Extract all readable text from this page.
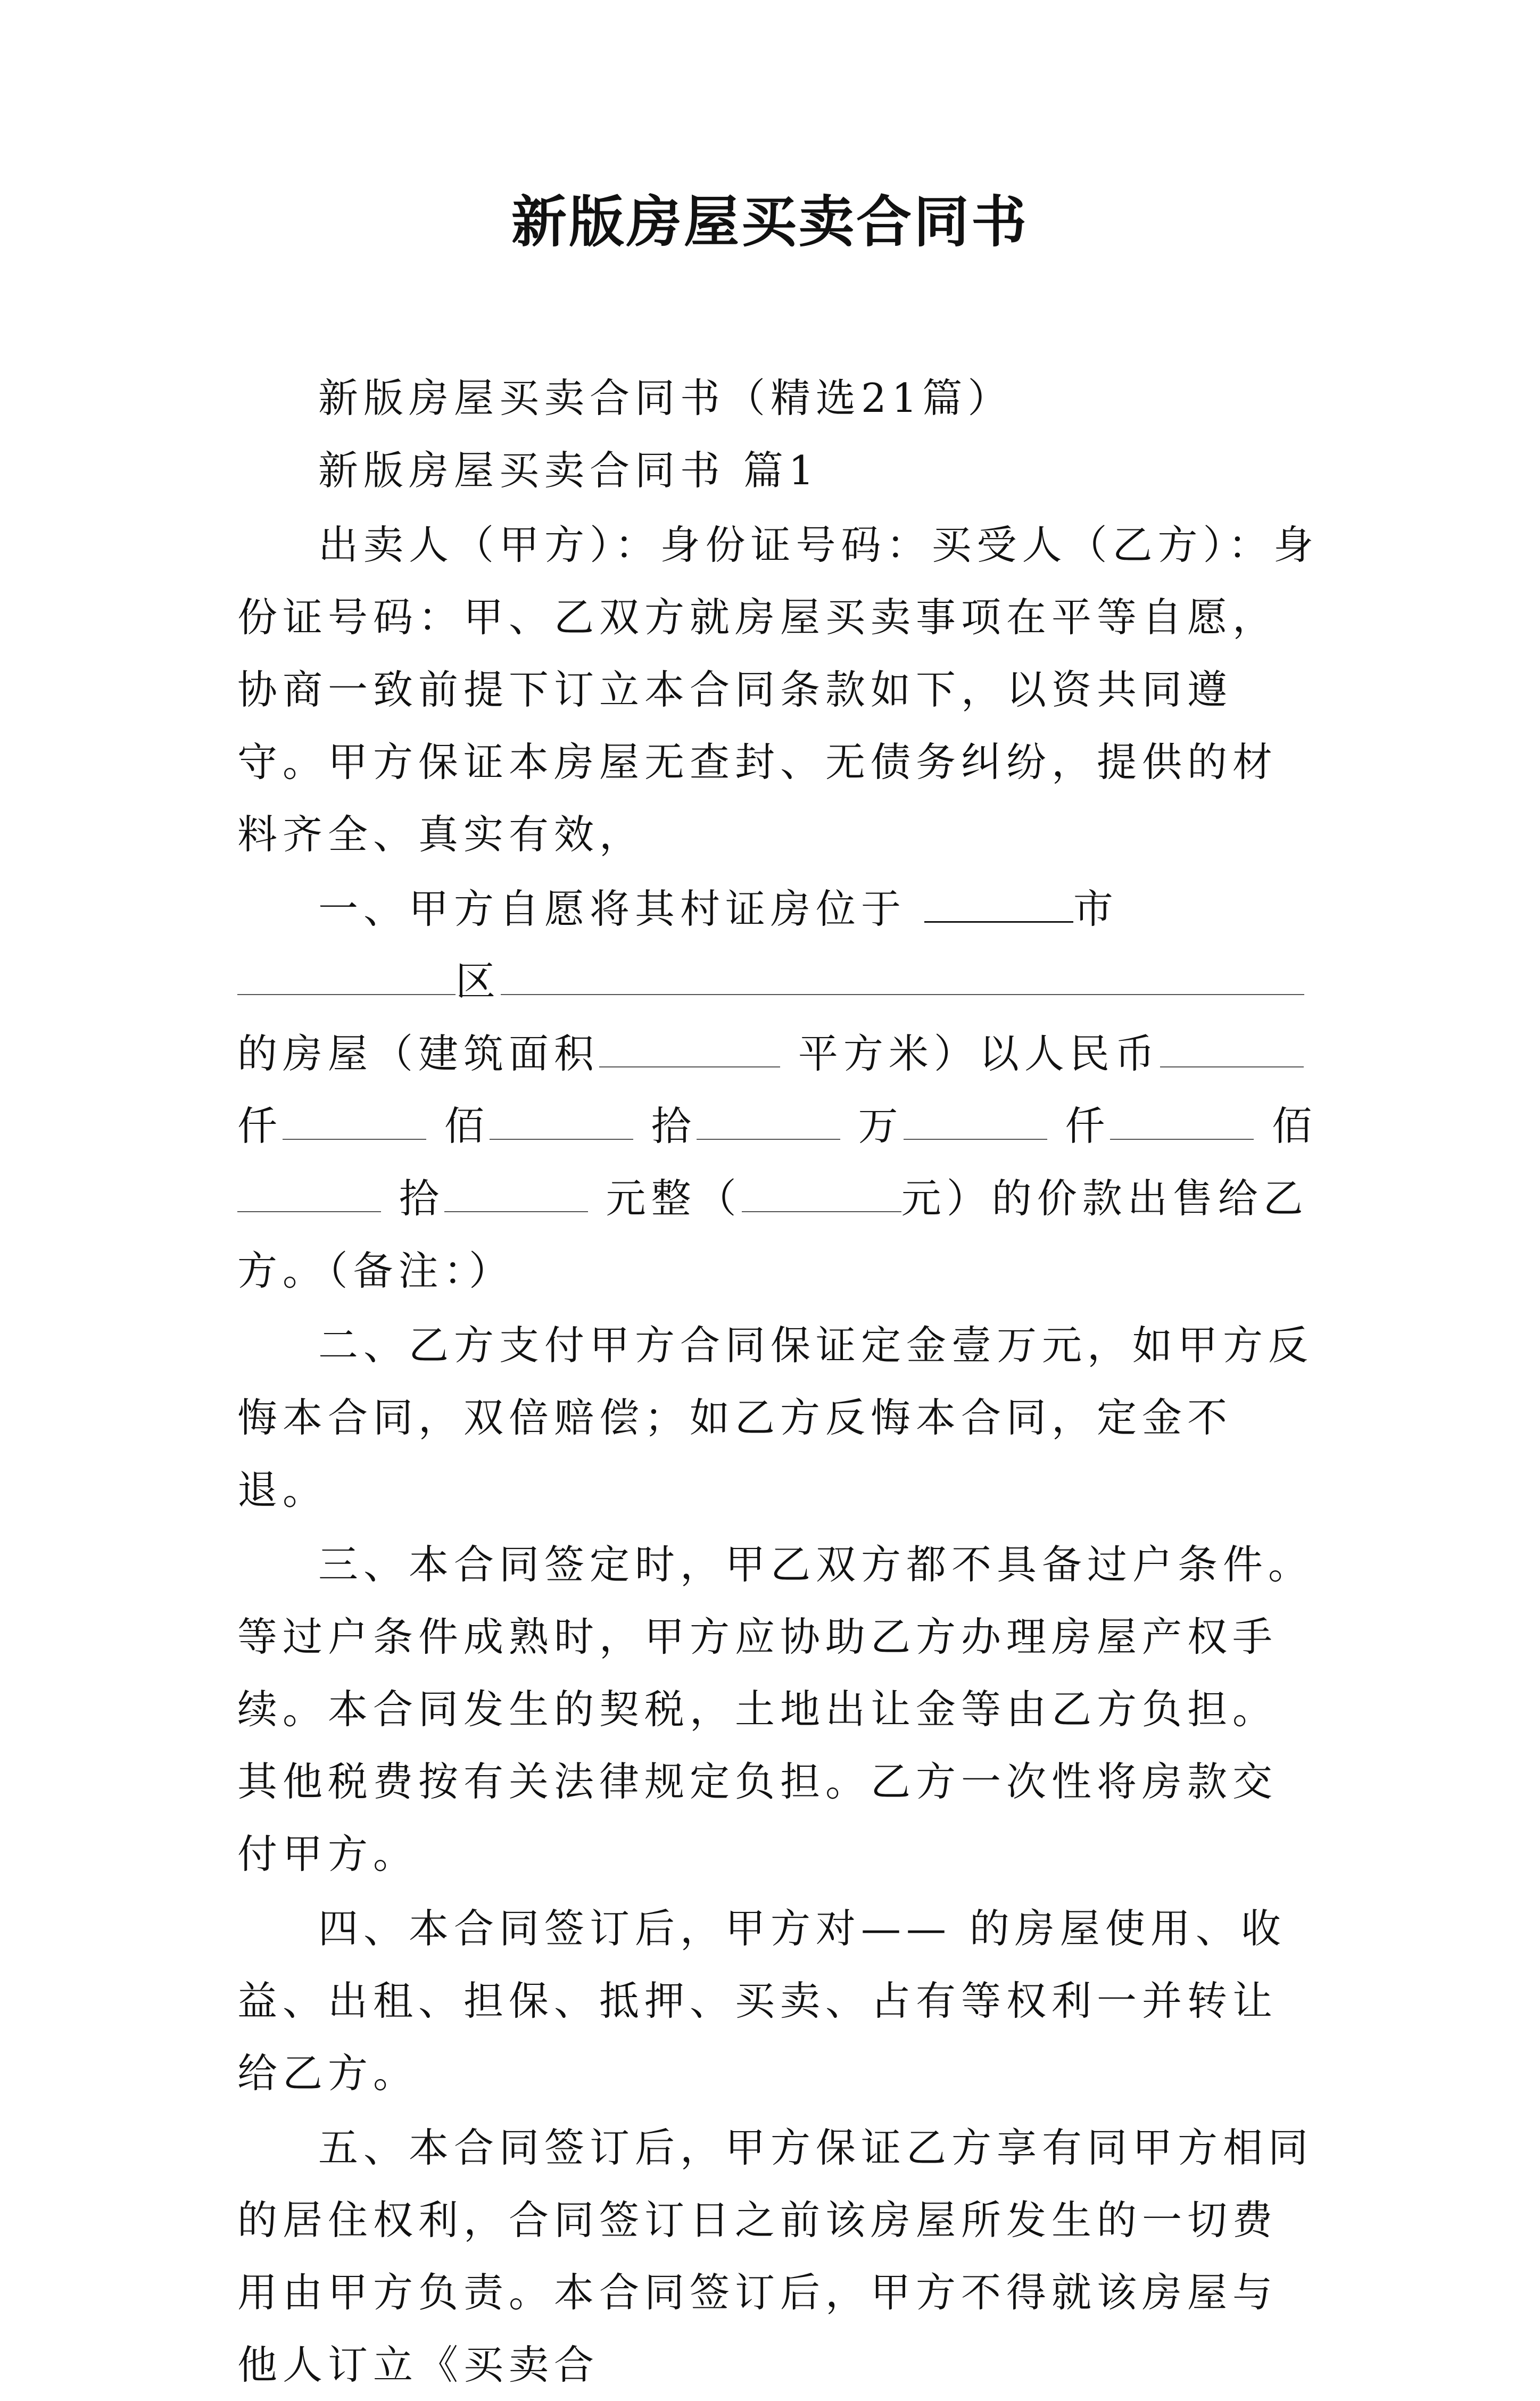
新版房屋买卖合同书

新版房屋买卖合同书（精选21篇）

新版房屋买卖合同书 篇1

出卖人（甲方）：身份证号码：买受人（乙方）：身份证号码：甲、乙双方就房屋买卖事项在平等自愿，协商一致前提下订立本合同条款如下，以资共同遵守。甲方保证本房屋无查封、无债务纠纷，提供的材料齐全、真实有效，

一、甲方自愿将其村证房位于	市区 的房屋（建筑面积	平方米）以人民币 仟	佰	拾	万	仟	佰 拾	元整（	元）的价款出售给乙方。（备注：）

二、乙方支付甲方合同保证定金壹万元，如甲方反悔本合同，双倍赔偿；如乙方反悔本合同，定金不退。

三、本合同签定时，甲乙双方都不具备过户条件。等过户条件成熟时，甲方应协助乙方办理房屋产权手续。本合同发生的契税，土地出让金等由乙方负担。其他税费按有关法律规定负担。乙方一次性将房款交付甲方。

四、本合同签订后，甲方对—— 的房屋使用、收益、出租、担保、抵押、买卖、占有等权利一并转让给乙方。

五、本合同签订后，甲方保证乙方享有同甲方相同的居住权利，合同签订日之前该房屋所发生的一切费用由甲方负责。本合同签订后，甲方不得就该房屋与他人订立《买卖合
